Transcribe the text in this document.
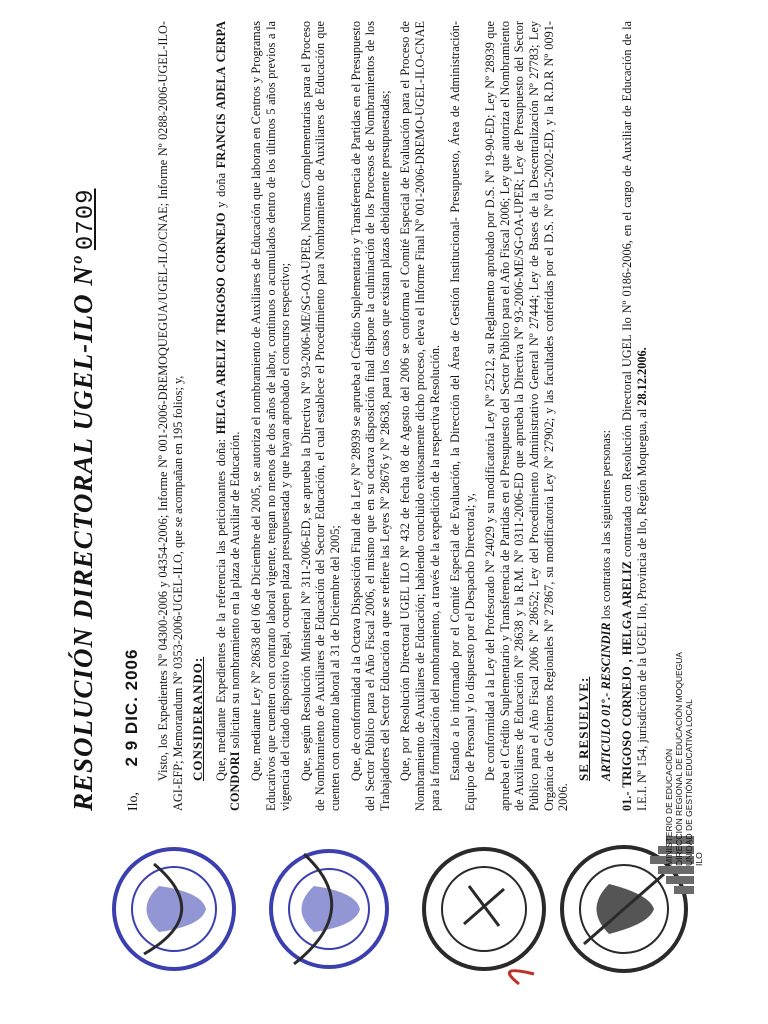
MINISTERIO DE EDUCACIÓN DIRECCIÓN REGIONAL DE EDUCACIÓN MOQUEGUA UNIDAD DE GESTIÓN EDUCATIVA LOCAL ILO
RESOLUCIÓN DIRECTORAL UGEL-ILO Nº0709
Ilo, 2 9 DIC. 2006 Visto, los Expedientes Nº 04300-2006 y 04354-2006; Informe Nº 001-2006-DREMOQUEGUA/UGEL-ILO/CNAE; Informe Nº 0288-2006-UGEL-ILO-AGI-EFP; Memorandum Nº 0353-2006-UGEL-ILO, que se acompañan en 195 folios; y, CONSIDERANDO: Que, mediante Expedientes de la referencia las peticionantes doña: HELGA ARELIZ TRIGOSO CORNEJO y doña FRANCIS ADELA CERPA CONDORI solicitan su nombramiento en la plaza de Auxiliar de Educación. Que, mediante Ley Nº 28638 del 06 de Diciembre del 2005, se autoriza el nombramiento de Auxiliares de Educación que laboran en Centros y Programas Educativos que cuenten con contrato laboral vigente, tengan no menos de dos años de labor, continuos o acumulados dentro de los últimos 5 años previos a la vigencia del citado dispositivo legal, ocupen plaza presupuestada y que hayan aprobado el concurso respectivo; Que, según Resolución Ministerial Nº 311-2006-ED, se aprueba la Directiva Nº 93-2006-ME/SG-OA-UPER, Normas Complementarias para el Proceso de Nombramiento de Auxiliares de Educación del Sector Educación, el cual establece el Procedimiento para Nombramiento de Auxiliares de Educación que cuenten con contrato laboral al 31 de Diciembre del 2005; Que, de conformidad a la Octava Disposición Final de la Ley Nº 28939 se aprueba el Crédito Suplementario y Transferencia de Partidas en el Presupuesto del Sector Público para el Año Fiscal 2006, el mismo que en su octava disposición final dispone la culminación de los Procesos de Nombramientos de los Trabajadores del Sector Educación a que se refiere las Leyes Nº 28676 y Nº 28638, para los casos que existan plazas debidamente presupuestadas; Que, por Resolución Directoral UGEL ILO Nº 432 de fecha 08 de Agosto del 2006 se conforma el Comité Especial de Evaluación para el Proceso de Nombramiento de Auxiliares de Educación; habiendo concluido exitosamente dicho proceso, eleva el Informe Final Nº 001-2006-DREMO-UGEL-ILO-CNAE para la formalización del nombramiento, a través de la expedición de la respectiva Resolución. Estando a lo informado por el Comité Especial de Evaluación, la Dirección del Área de Gestión Institucional- Presupuesto, Área de Administración- Equipo de Personal y lo dispuesto por el Despacho Directoral; y, De conformidad a la Ley del Profesorado Nº 24029 y su modificatoria Ley Nº 25212, su Reglamento aprobado por D.S. Nº 19-90-ED; Ley Nº 28939 que aprueba el Crédito Suplementario y Transferencia de Partidas en el Presupuesto del Sector Público para el Año Fiscal 2006; Ley que autoriza el Nombramiento de Auxiliares de Educación Nº 28638 y la R.M. Nº 0311-2006-ED que aprueba la Directiva Nº 93-2006-ME/SG-OA-UPER; Ley de Presupuesto del Sector Público para el Año Fiscal 2006 Nº 28652; Ley del Procedimiento Administrativo General Nº 27444; Ley de Bases de la Descentralización Nº 27783; Ley Orgánica de Gobiernos Regionales Nº 27867, su modificatoria Ley Nº 27902; y las facultades conferidas por el D.S. Nº 015-2002-ED, y la R.D.R Nº 0091-2006.

SE RESUELVE: ARTICULO 01º.- RESCINDIR los contratos a las siguientes personas:

01.- TRIGOSO CORNEJO , HELGA ARELIZ contratada con Resolución Directoral UGEL Ilo Nº 0186-2006, en el cargo de Auxiliar de Educación de la I.E.I. Nº 154, jurisdicción de la UGEL Ilo, Provincia de Ilo, Región Moquegua, al 28.12.2006.
